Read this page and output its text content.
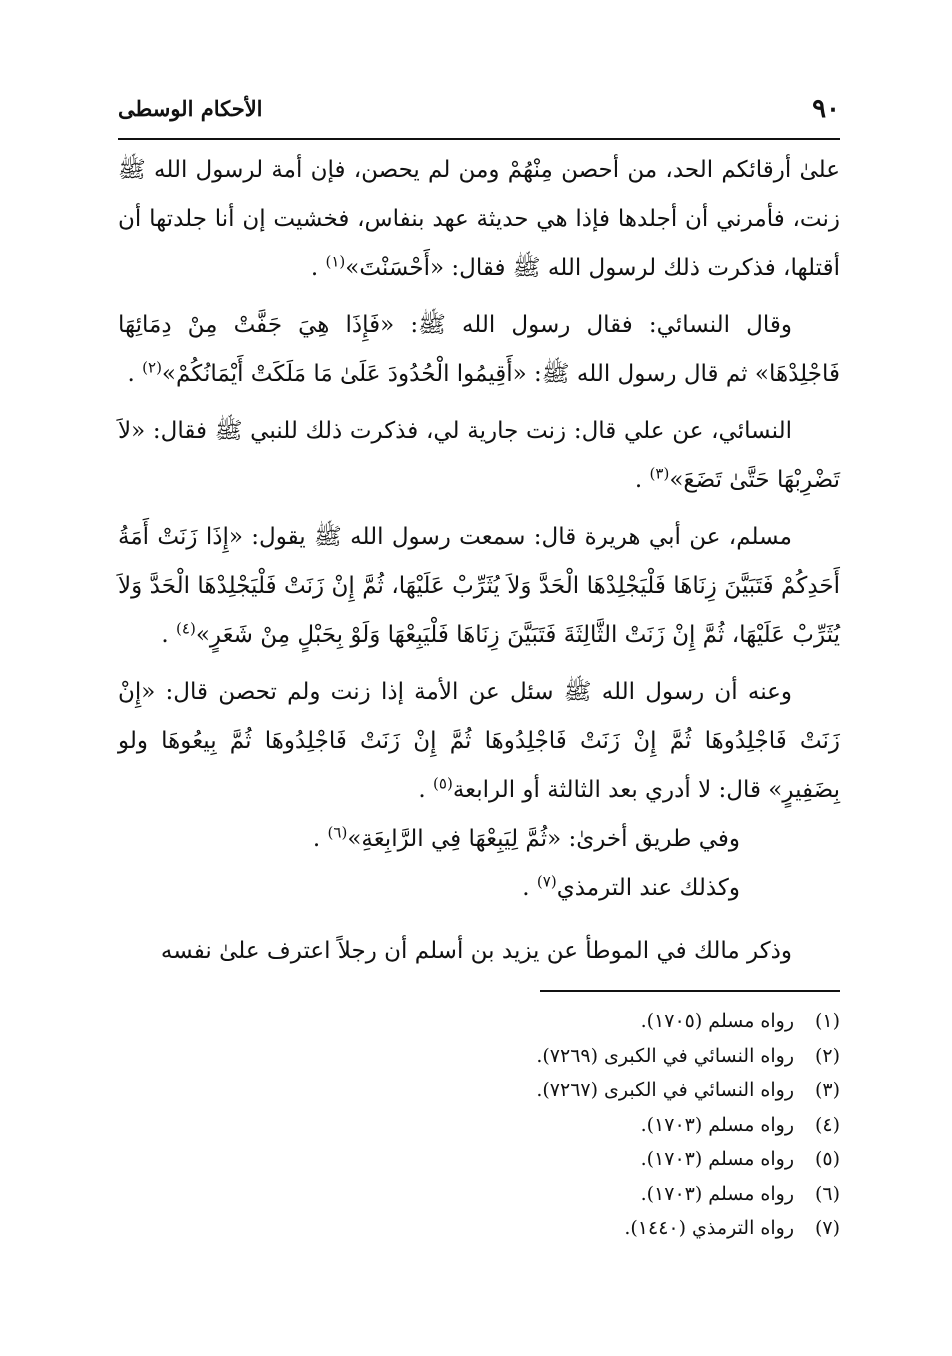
٩٠
الأحكام الوسطى

علىٰ أرقائكم الحد، من أحصن مِنْهُمْ ومن لم يحصن، فإن أمة لرسول الله ﷺ زنت، فأمرني أن أجلدها فإذا هي حديثة عهد بنفاس، فخشيت إن أنا جلدتها أن أقتلها، فذكرت ذلك لرسول الله ﷺ فقال: «أَحْسَنْتَ»$^{(١)}$ .

وقال النسائي: فقال رسول الله ﷺ: «فَإِذَا هِيَ جَفَّتْ مِنْ دِمَائِهَا فَاجْلِدْهَا» ثم قال رسول الله ﷺ: «أَقِيمُوا الْحُدُودَ عَلَىٰ مَا مَلَكَتْ أَيْمَانُكُمْ»$^{(٢)}$ .

النسائي، عن علي قال: زنت جارية لي، فذكرت ذلك للنبي ﷺ فقال: «لاَ تَضْرِبْهَا حَتَّىٰ تَضَعَ»$^{(٣)}$ .

مسلم، عن أبي هريرة قال: سمعت رسول الله ﷺ يقول: «إِذَا زَنَتْ أَمَةُ أَحَدِكُمْ فَتَبَيَّنَ زِنَاهَا فَلْيَجْلِدْهَا الْحَدَّ وَلاَ يُثَرِّبْ عَلَيْهَا، ثُمَّ إِنْ زَنَتْ فَلْيَجْلِدْهَا الْحَدَّ وَلاَ يُثَرِّبْ عَلَيْهَا، ثُمَّ إِنْ زَنَتْ الثَّالِثَةَ فَتَبَيَّنَ زِنَاهَا فَلْيَبِعْهَا وَلَوْ بِحَبْلٍ مِنْ شَعَرٍ»$^{(٤)}$ .

وعنه أن رسول الله ﷺ سئل عن الأمة إذا زنت ولم تحصن قال: «إِنْ زَنَتْ فَاجْلِدُوهَا ثُمَّ إِنْ زَنَتْ فَاجْلِدُوهَا ثُمَّ إِنْ زَنَتْ فَاجْلِدُوهَا ثُمَّ بِيعُوهَا ولو بِضَفِيرٍ» قال: لا أدري بعد الثالثة أو الرابعة$^{(٥)}$ .

وفي طريق أخرىٰ: «ثُمَّ لِيَبِعْهَا فِي الرَّابِعَةِ»$^{(٦)}$ .

وكذلك عند الترمذي$^{(٧)}$ .

وذكر مالك في الموطأ عن يزيد بن أسلم أن رجلاً اعترف علىٰ نفسه

(١)رواه مسلم (١٧٠٥).

(٢)رواه النسائي في الكبرى (٧٢٦٩).

(٣)رواه النسائي في الكبرى (٧٢٦٧).

(٤)رواه مسلم (١٧٠٣).

(٥)رواه مسلم (١٧٠٣).

(٦)رواه مسلم (١٧٠٣).

(٧)رواه الترمذي (١٤٤٠).
